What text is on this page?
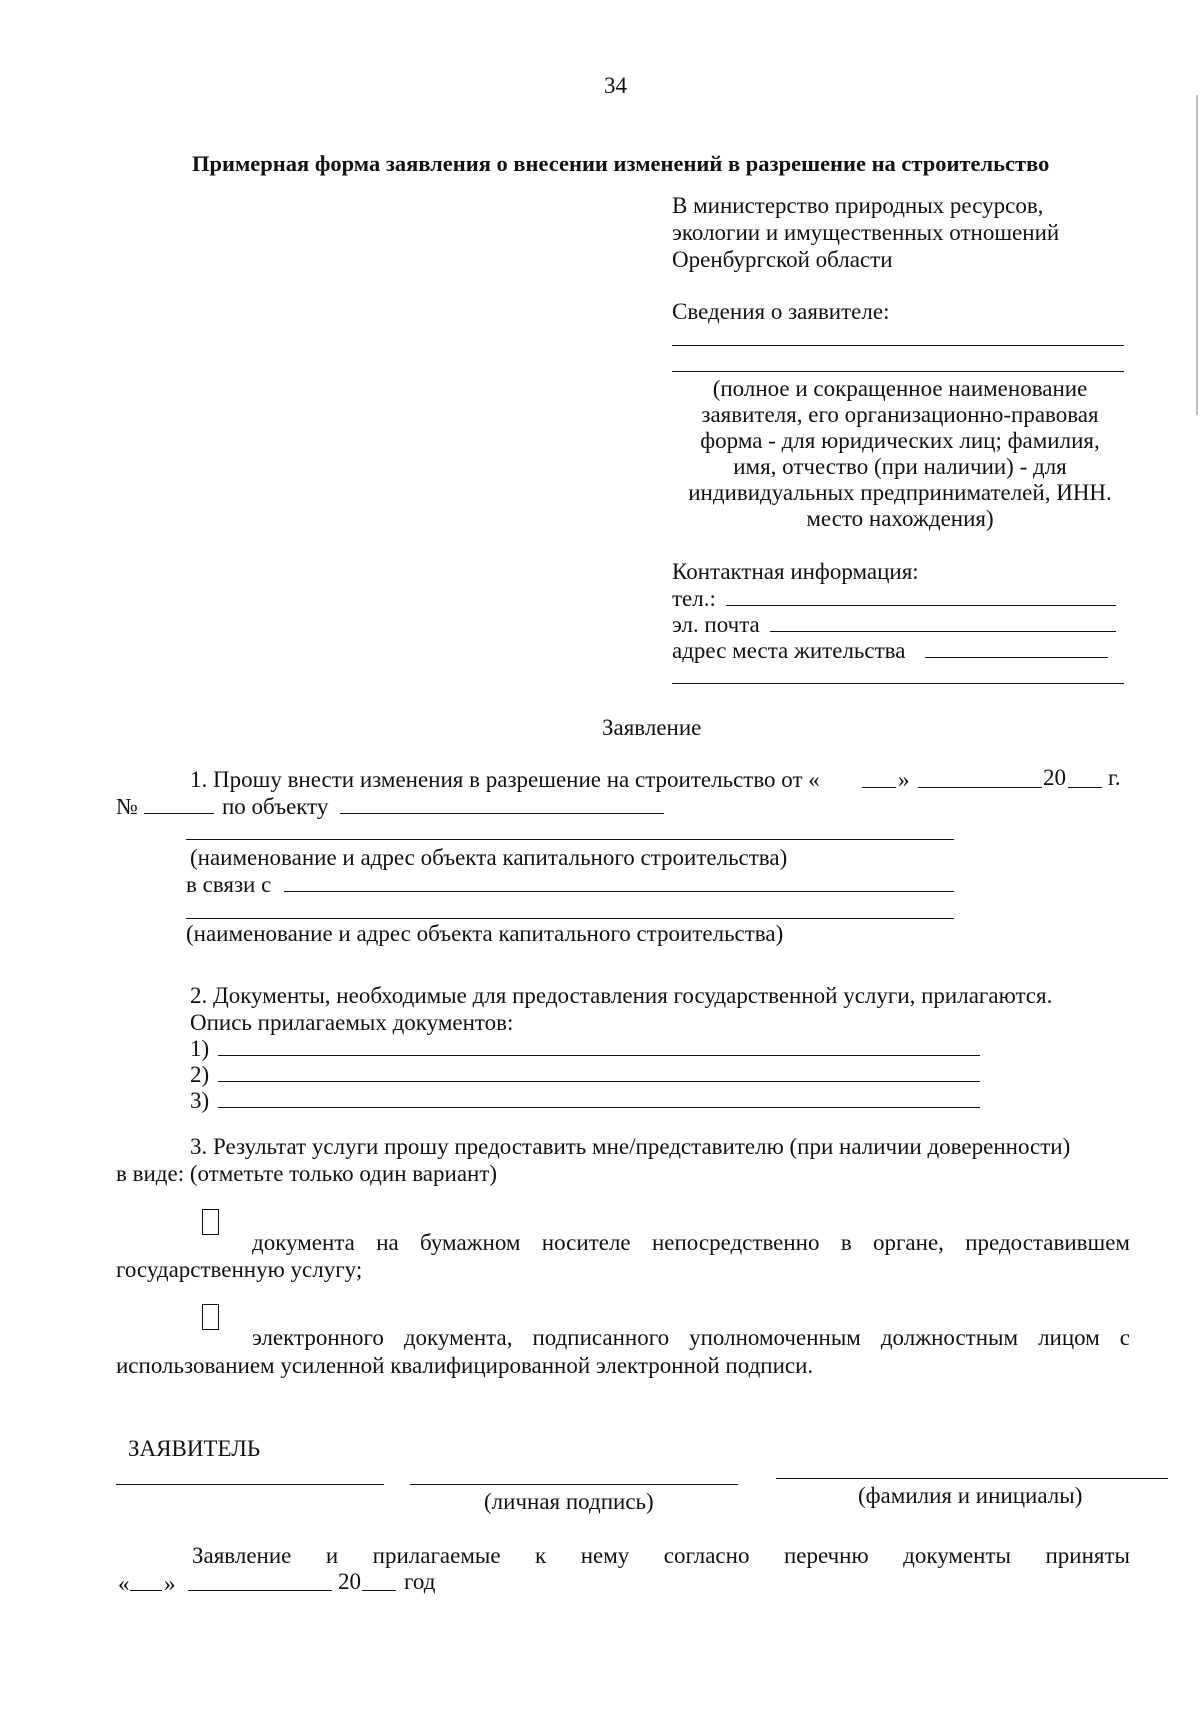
34
Примерная форма заявления о внесении изменений в разрешение на строительство
В министерство природных ресурсов,
экологии и имущественных отношений
Оренбургской области
Сведения о заявителе:
(полное и сокращенное наименование
заявителя, его организационно-правовая
форма - для юридических лиц; фамилия,
имя, отчество (при наличии) - для
индивидуальных предпринимателей, ИНН.
место нахождения)
Контактная информация:
тел.:
эл. почта
адрес места жительства
Заявление
1. Прошу внести изменения в разрешение на строительство от «	»	20 г.
№	по объекту
(наименование и адрес объекта капитального строительства)
в связи с
(наименование и адрес объекта капитального строительства)
2. Документы, необходимые для предоставления государственной услуги, прилагаются.
Опись прилагаемых документов:
1)
2)
3)
3. Результат услуги прошу предоставить мне/представителю (при наличии доверенности)
в виде: (отметьте только один вариант)
документа на бумажном носителе непосредственно в органе, предоставившем
государственную услугу;
электронного документа, подписанного уполномоченным должностным лицом с
использованием усиленной квалифицированной электронной подписи.
ЗАЯВИТЕЛЬ
(личная подпись)	(фамилия и инициалы)
Заявление и прилагаемые к нему согласно перечню документы приняты
« »	20 год
